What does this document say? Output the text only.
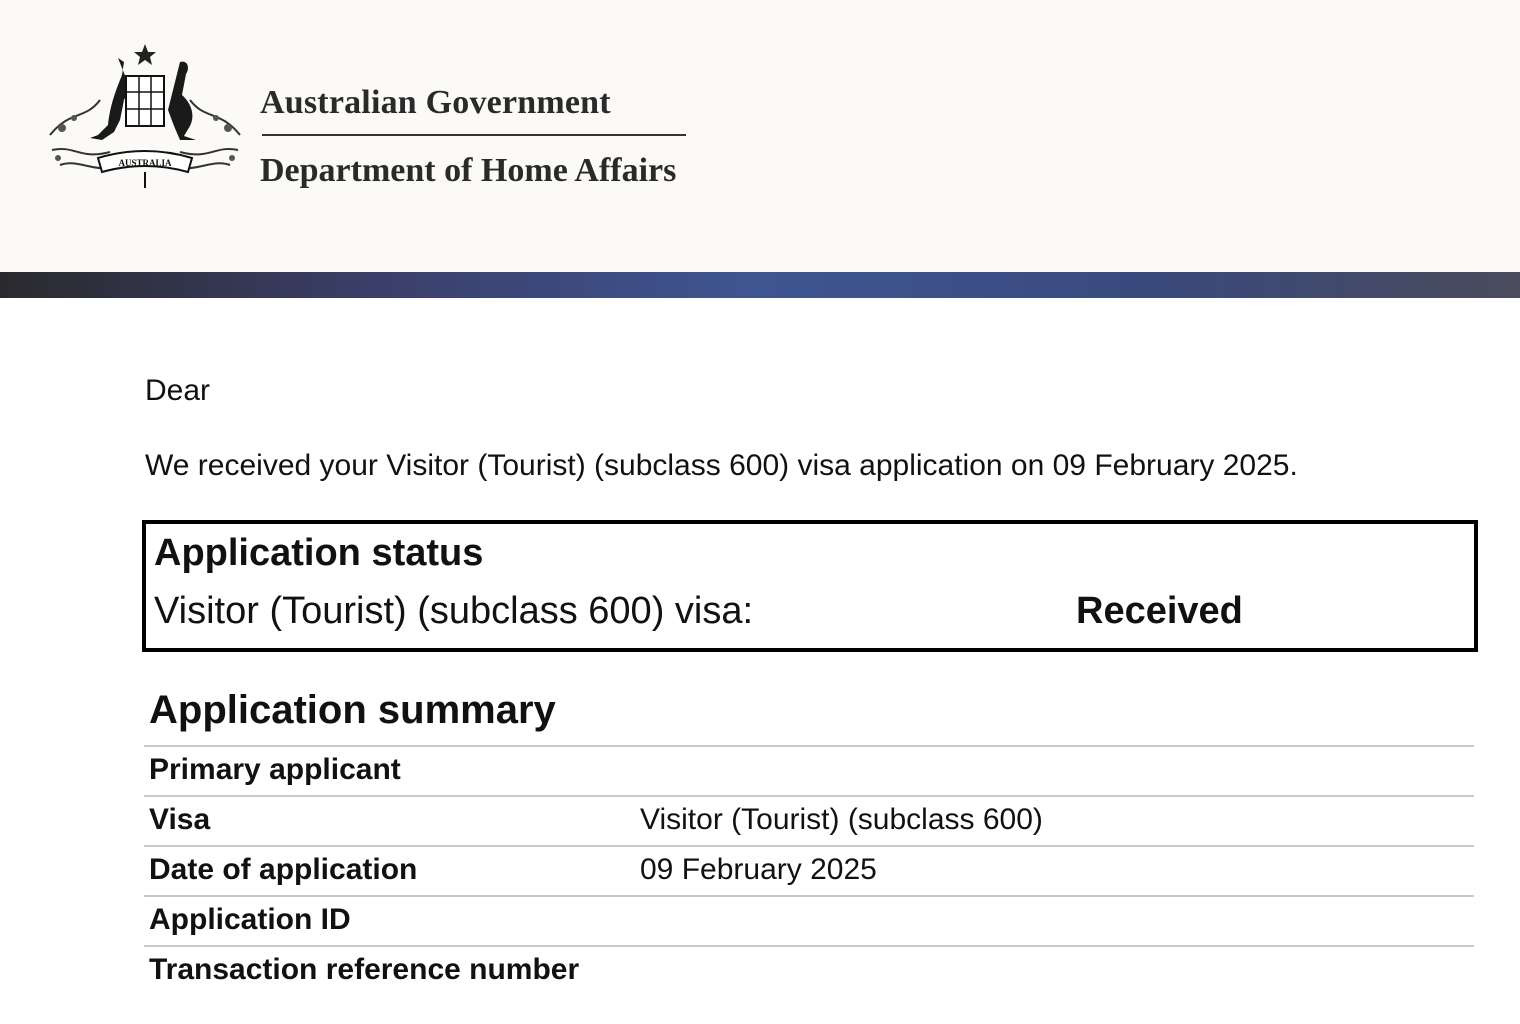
AUSTRALIA
Australian Government
Department of Home Affairs
Dear
We received your Visitor (Tourist) (subclass 600) visa application on 09 February 2025.
Application status
Visitor (Tourist) (subclass 600) visa:	Received
Application summary
Primary applicant
Visa	Visitor (Tourist) (subclass 600)
Date of application	09 February 2025
Application ID
Transaction reference number
